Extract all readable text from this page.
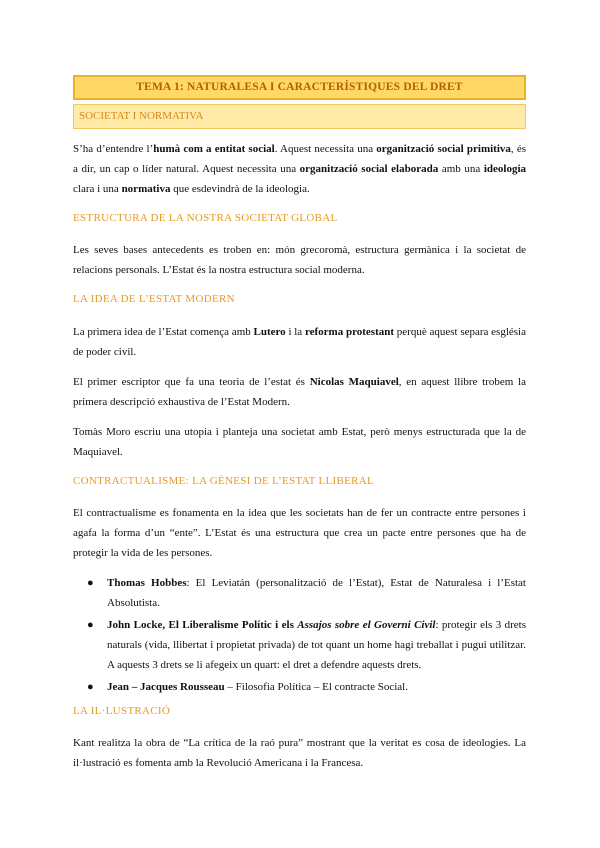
TEMA 1: NATURALESA I CARACTERÍSTIQUES DEL DRET
SOCIETAT I NORMATIVA
S’ha d’entendre l’humà com a entitat social. Aquest necessita una organització social primitiva, és a dir, un cap o líder natural. Aquest necessita una organització social elaborada amb una ideologia clara i una normativa que esdevindrà de la ideologia.
ESTRUCTURA DE LA NOSTRA SOCIETAT GLOBAL
Les seves bases antecedents es troben en: món grecoromà, estructura germànica i la societat de relacions personals. L’Estat és la nostra estructura social moderna.
LA IDEA DE L’ESTAT MODERN
La primera idea de l’Estat comença amb Lutero i la reforma protestant perquè aquest separa església de poder civil.
El primer escriptor que fa una teoria de l’estat és Nicolas Maquiavel, en aquest llibre trobem la primera descripció exhaustiva de l’Estat Modern.
Tomàs Moro escriu una utopia i planteja una societat amb Estat, però menys estructurada que la de Maquiavel.
CONTRACTUALISME: LA GÈNESI DE L’ESTAT LLIBERAL
El contractualisme es fonamenta en la idea que les societats han de fer un contracte entre persones i agafa la forma d’un “ente”. L’Estat és una estructura que crea un pacte entre persones que ha de protegir la vida de les persones.
● Thomas Hobbes: El Leviatán (personalització de l’Estat), Estat de Naturalesa i l’Estat Absolutista.
● John Locke, El Liberalisme Polític i els Assajos sobre el Governi Civil: protegir els 3 drets naturals (vida, llibertat i propietat privada) de tot quant un home hagi treballat i pugui utilitzar. A aquests 3 drets se li afegeix un quart: el dret a defendre aquests drets.
● Jean – Jacques Rousseau – Filosofia Política – El contracte Social.
LA IL·LUSTRACIÓ
Kant realitza la obra de “La crítica de la raó pura” mostrant que la veritat es cosa de ideologies. La il·lustració es fomenta amb la Revolució Americana i la Francesa.
